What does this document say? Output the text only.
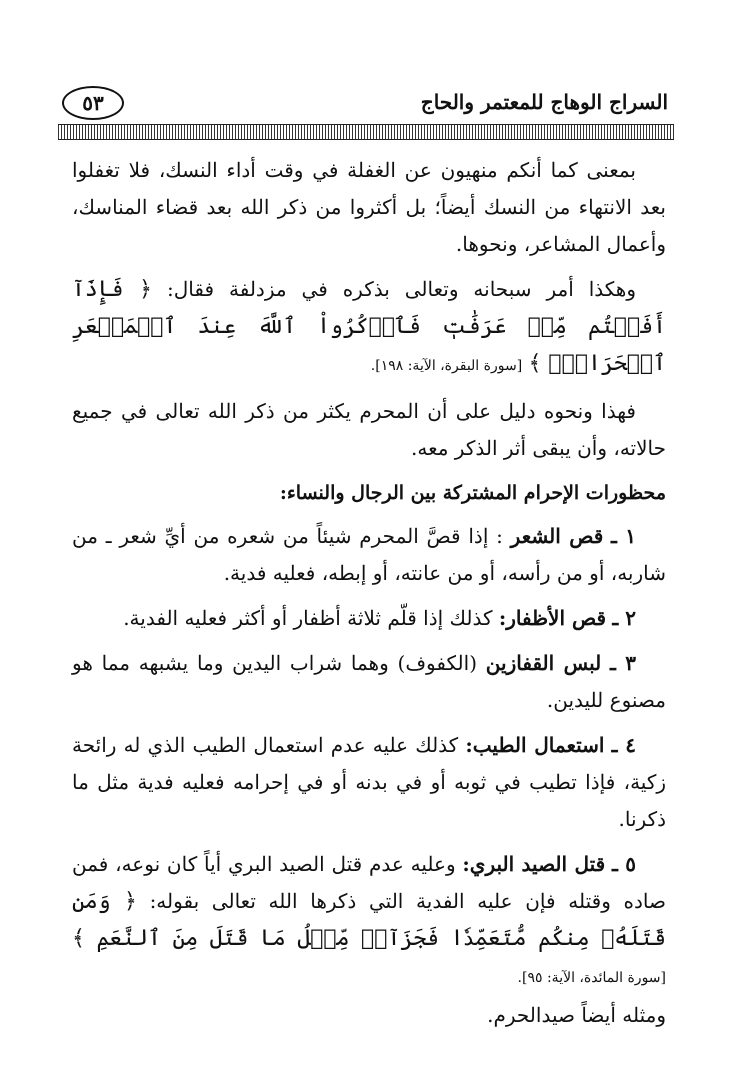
السراج الوهاج للمعتمر والحاج
٥٣

بمعنى كما أنكم منهيون عن الغفلة في وقت أداء النسك، فلا تغفلوا بعد الانتهاء من النسك أيضاً؛ بل أكثروا من ذكر الله بعد قضاء المناسك، وأعمال المشاعر، ونحوها.

وهكذا أمر سبحانه وتعالى بذكره في مزدلفة فقال: ﴿ فَإِذَآ أَفَضۡتُم مِّنۡ عَرَفَٰتٖ فَٱذۡكُرُواْ ٱللَّهَ عِندَ ٱلۡمَشۡعَرِ ٱلۡحَرَامِۖ ﴾ [سورة البقرة، الآية: ١٩٨].

فهذا ونحوه دليل على أن المحرم يكثر من ذكر الله تعالى في جميع حالاته، وأن يبقى أثر الذكر معه.

محظورات الإحرام المشتركة بين الرجال والنساء:

١ ـ قص الشعر : إذا قصَّ المحرم شيئاً من شعره من أيِّ شعر ـ من شاربه، أو من رأسه، أو من عانته، أو إبطه، فعليه فدية.

٢ ـ قص الأظفار: كذلك إذا قلّم ثلاثة أظفار أو أكثر فعليه الفدية.

٣ ـ لبس القفازين (الكفوف) وهما شراب اليدين وما يشبهه مما هو مصنوع لليدين.

٤ ـ استعمال الطيب: كذلك عليه عدم استعمال الطيب الذي له رائحة زكية، فإذا تطيب في ثوبه أو في بدنه أو في إحرامه فعليه فدية مثل ما ذكرنا.

٥ ـ قتل الصيد البري: وعليه عدم قتل الصيد البري أياً كان نوعه، فمن صاده وقتله فإن عليه الفدية التي ذكرها الله تعالى بقوله: ﴿ وَمَن قَتَلَهُۥ مِنكُم مُّتَعَمِّدٗا فَجَزَآءٞ مِّثۡلُ مَا قَتَلَ مِنَ ٱلنَّعَمِ ﴾ [سورة المائدة، الآية: ٩٥].
ومثله أيضاً صيدالحرم.
